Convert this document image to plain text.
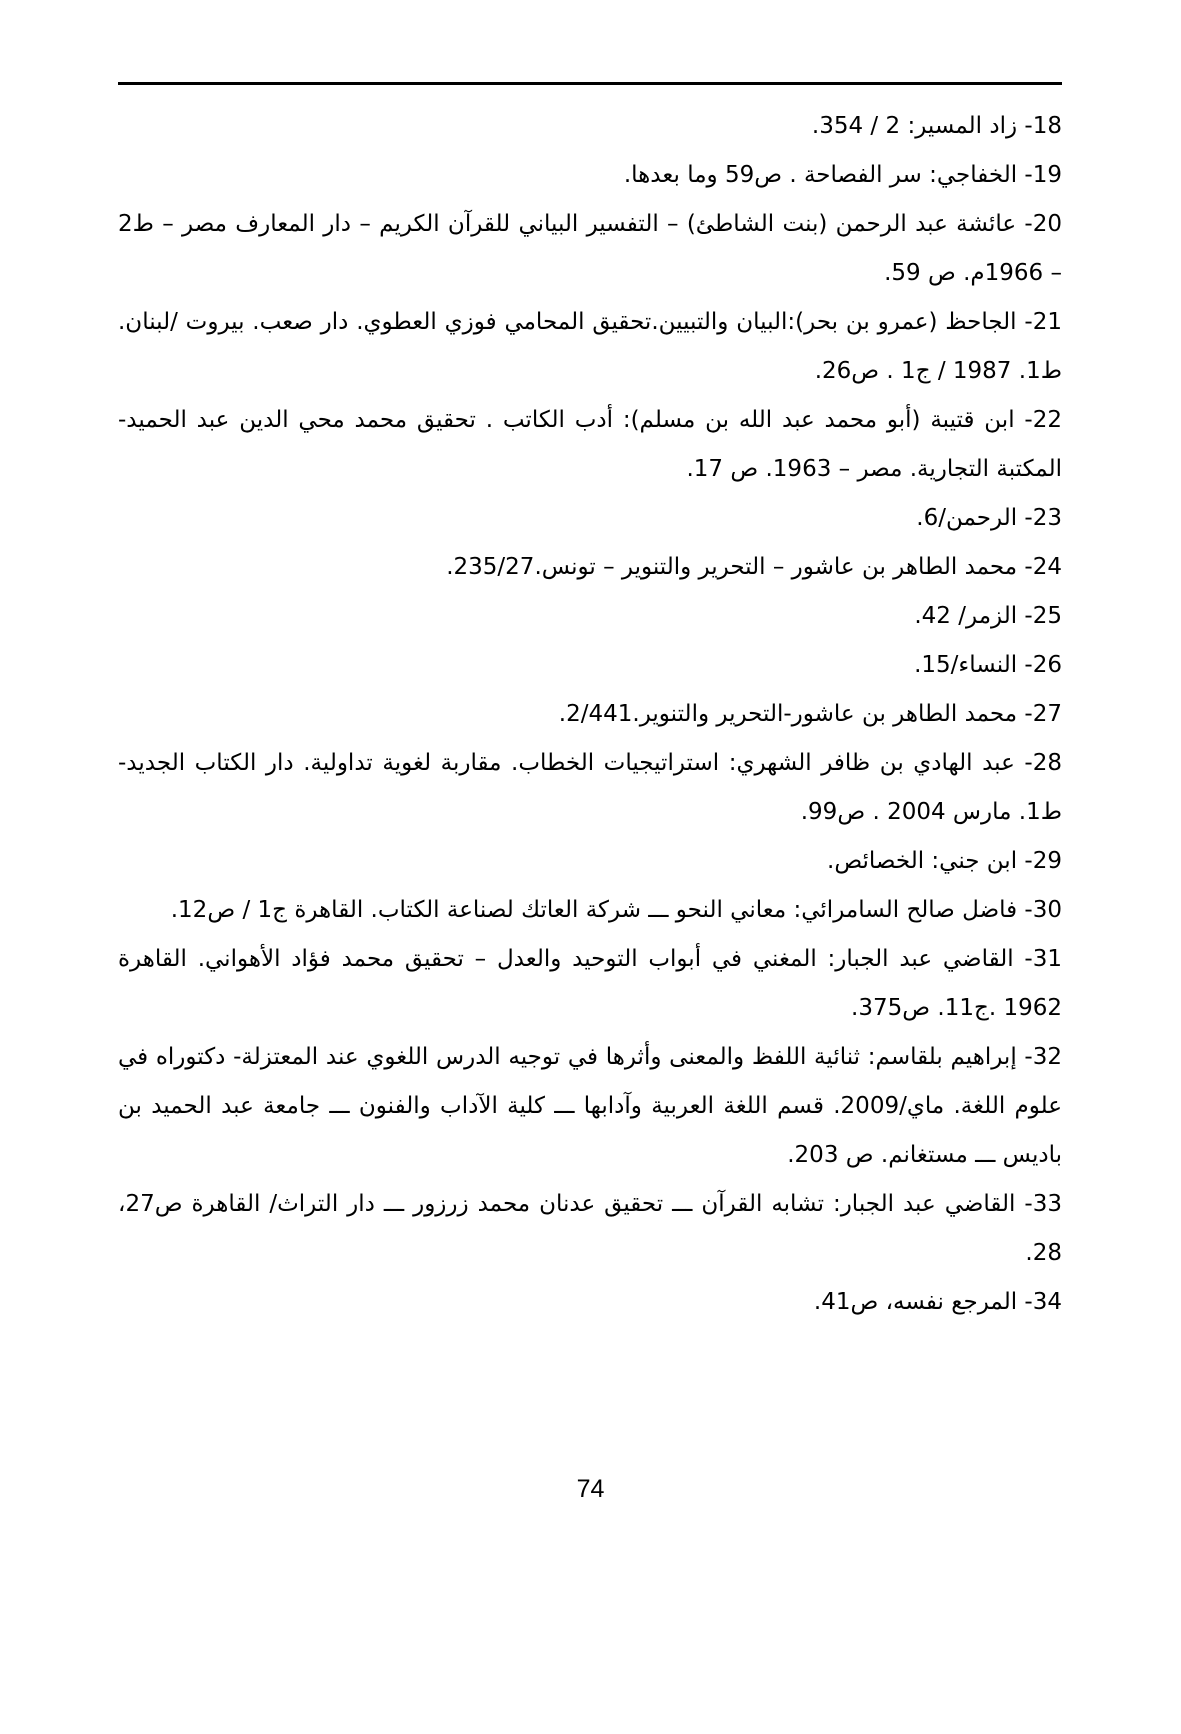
18- زاد المسير: 2 / 354.

19- الخفاجي: سر الفصاحة . ص59 وما بعدها.

20- عائشة عبد الرحمن (بنت الشاطئ) – التفسير البياني للقرآن الكريم – دار المعارف مصر – ط2 – 1966م. ص 59.

21- الجاحظ (عمرو بن بحر):البيان والتبيين.تحقيق المحامي فوزي العطوي. دار صعب. بيروت /لبنان. ط1. 1987 / ج1 . ص26.

22- ابن قتيبة (أبو محمد عبد الله بن مسلم): أدب الكاتب . تحقيق محمد محي الدين عبد الحميد- المكتبة التجارية. مصر – 1963. ص 17.

23- الرحمن/6.

24- محمد الطاهر بن عاشور – التحرير والتنوير – تونس.235/27.

25- الزمر/ 42.

26- النساء/15.

27- محمد الطاهر بن عاشور-التحرير والتنوير.2/441.

28- عبد الهادي بن ظافر الشهري: استراتيجيات الخطاب. مقاربة لغوية تداولية. دار الكتاب الجديد- ط1. مارس 2004 . ص99.

29- ابن جني: الخصائص.

30- فاضل صالح السامرائي: معاني النحو ـــ شركة العاتك لصناعة الكتاب. القاهرة ج1 / ص12.

31- القاضي عبد الجبار: المغني في أبواب التوحيد والعدل – تحقيق محمد فؤاد الأهواني. القاهرة 1962 .ج11. ص375.

32- إبراهيم بلقاسم: ثنائية اللفظ والمعنى وأثرها في توجيه الدرس اللغوي عند المعتزلة- دكتوراه في علوم اللغة. ماي/2009. قسم اللغة العربية وآدابها ـــ كلية الآداب والفنون ـــ جامعة عبد الحميد بن باديس ـــ مستغانم. ص 203.

33- القاضي عبد الجبار: تشابه القرآن ـــ تحقيق عدنان محمد زرزور ـــ دار التراث/ القاهرة ص27، 28.

34- المرجع نفسه، ص41.

74
